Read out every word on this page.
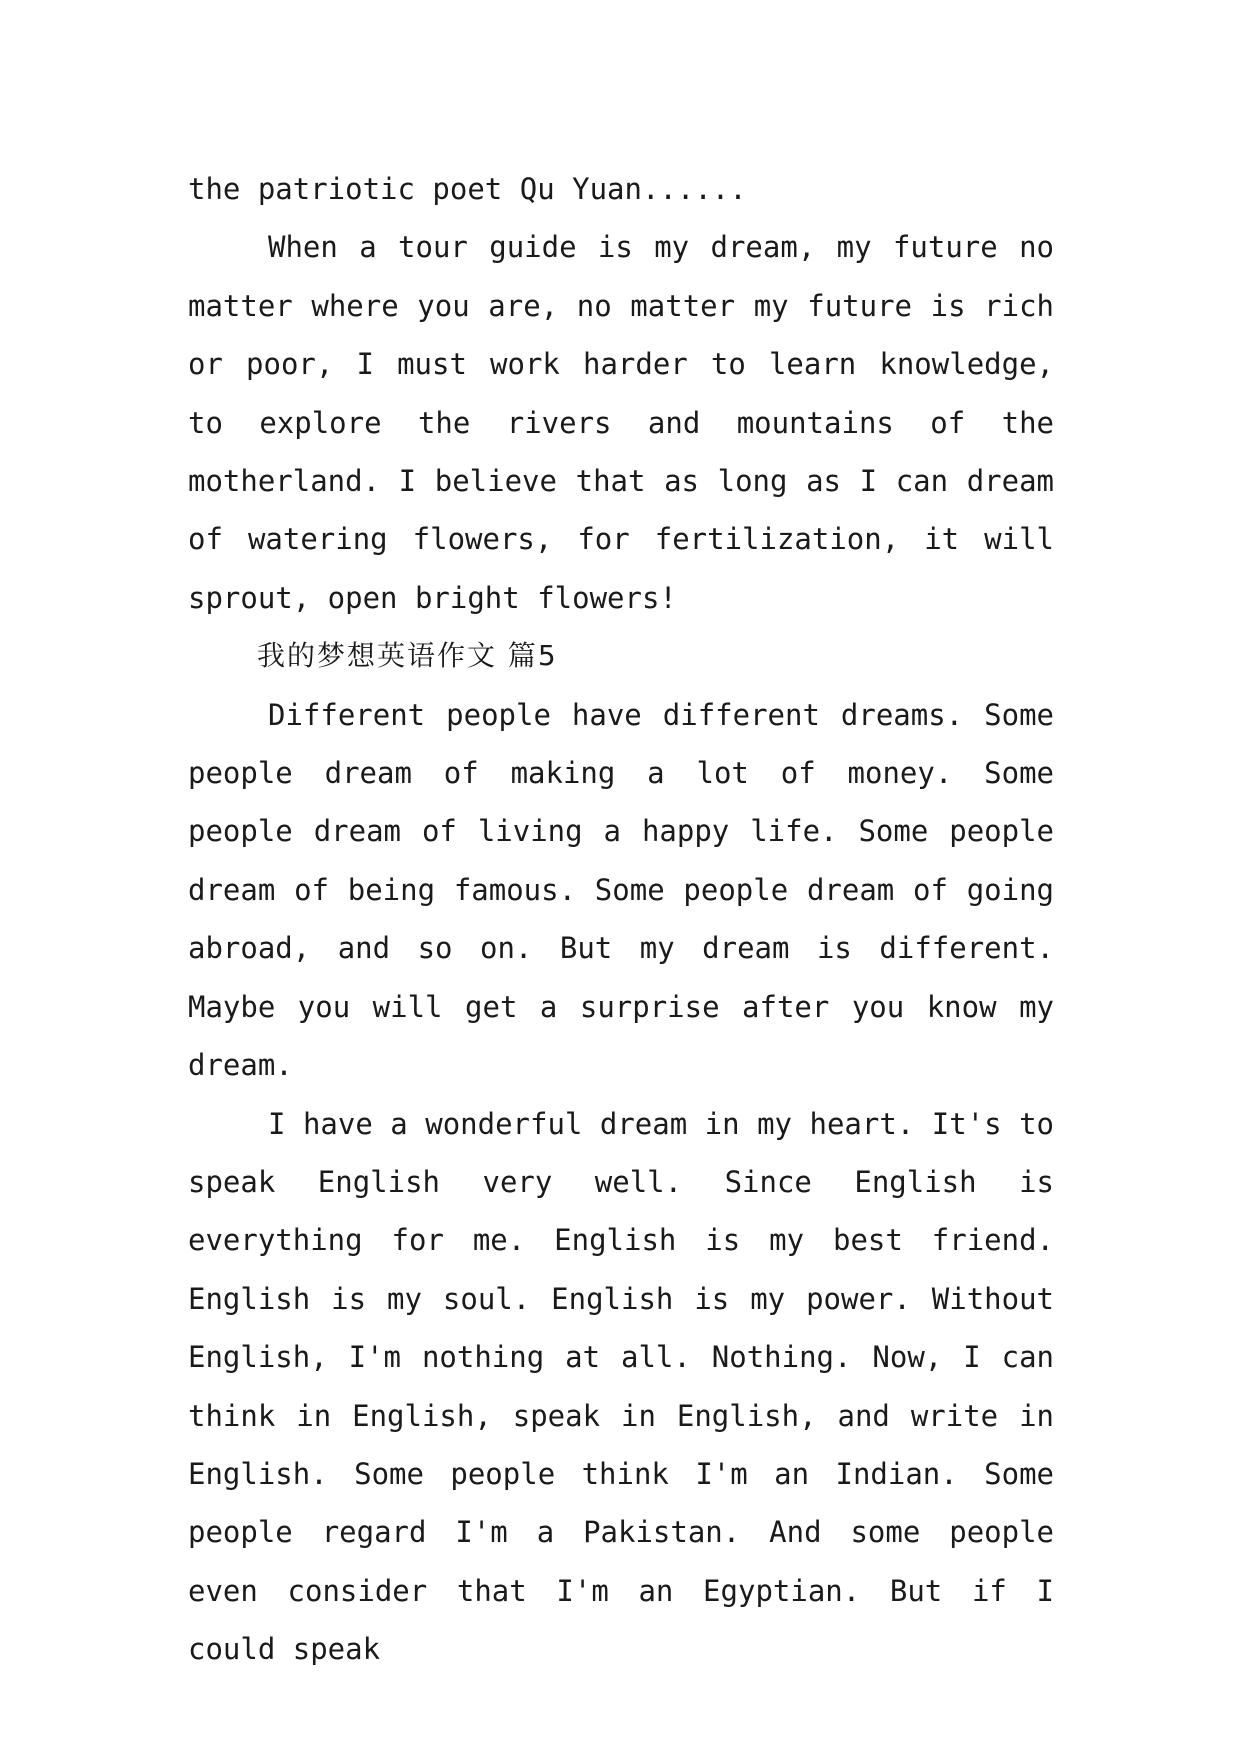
the patriotic poet Qu Yuan......

When a tour guide is my dream, my future no matter where you are, no matter my future is rich or poor, I must work harder to learn knowledge, to explore the rivers and mountains of the motherland. I believe that as long as I can dream of watering flowers, for fertilization, it will sprout, open bright flowers!

我的梦想英语作文 篇5

Different people have different dreams. Some people dream of making a lot of money. Some people dream of living a happy life. Some people dream of being famous. Some people dream of going abroad, and so on. But my dream is different. Maybe you will get a surprise after you know my dream.

I have a wonderful dream in my heart. It's to speak English very well. Since English is everything for me. English is my best friend. English is my soul. English is my power. Without English, I'm nothing at all. Nothing. Now, I can think in English, speak in English, and write in English. Some people think I'm an Indian. Some people regard I'm a Pakistan. And some people even consider that I'm an Egyptian. But if I could speak
